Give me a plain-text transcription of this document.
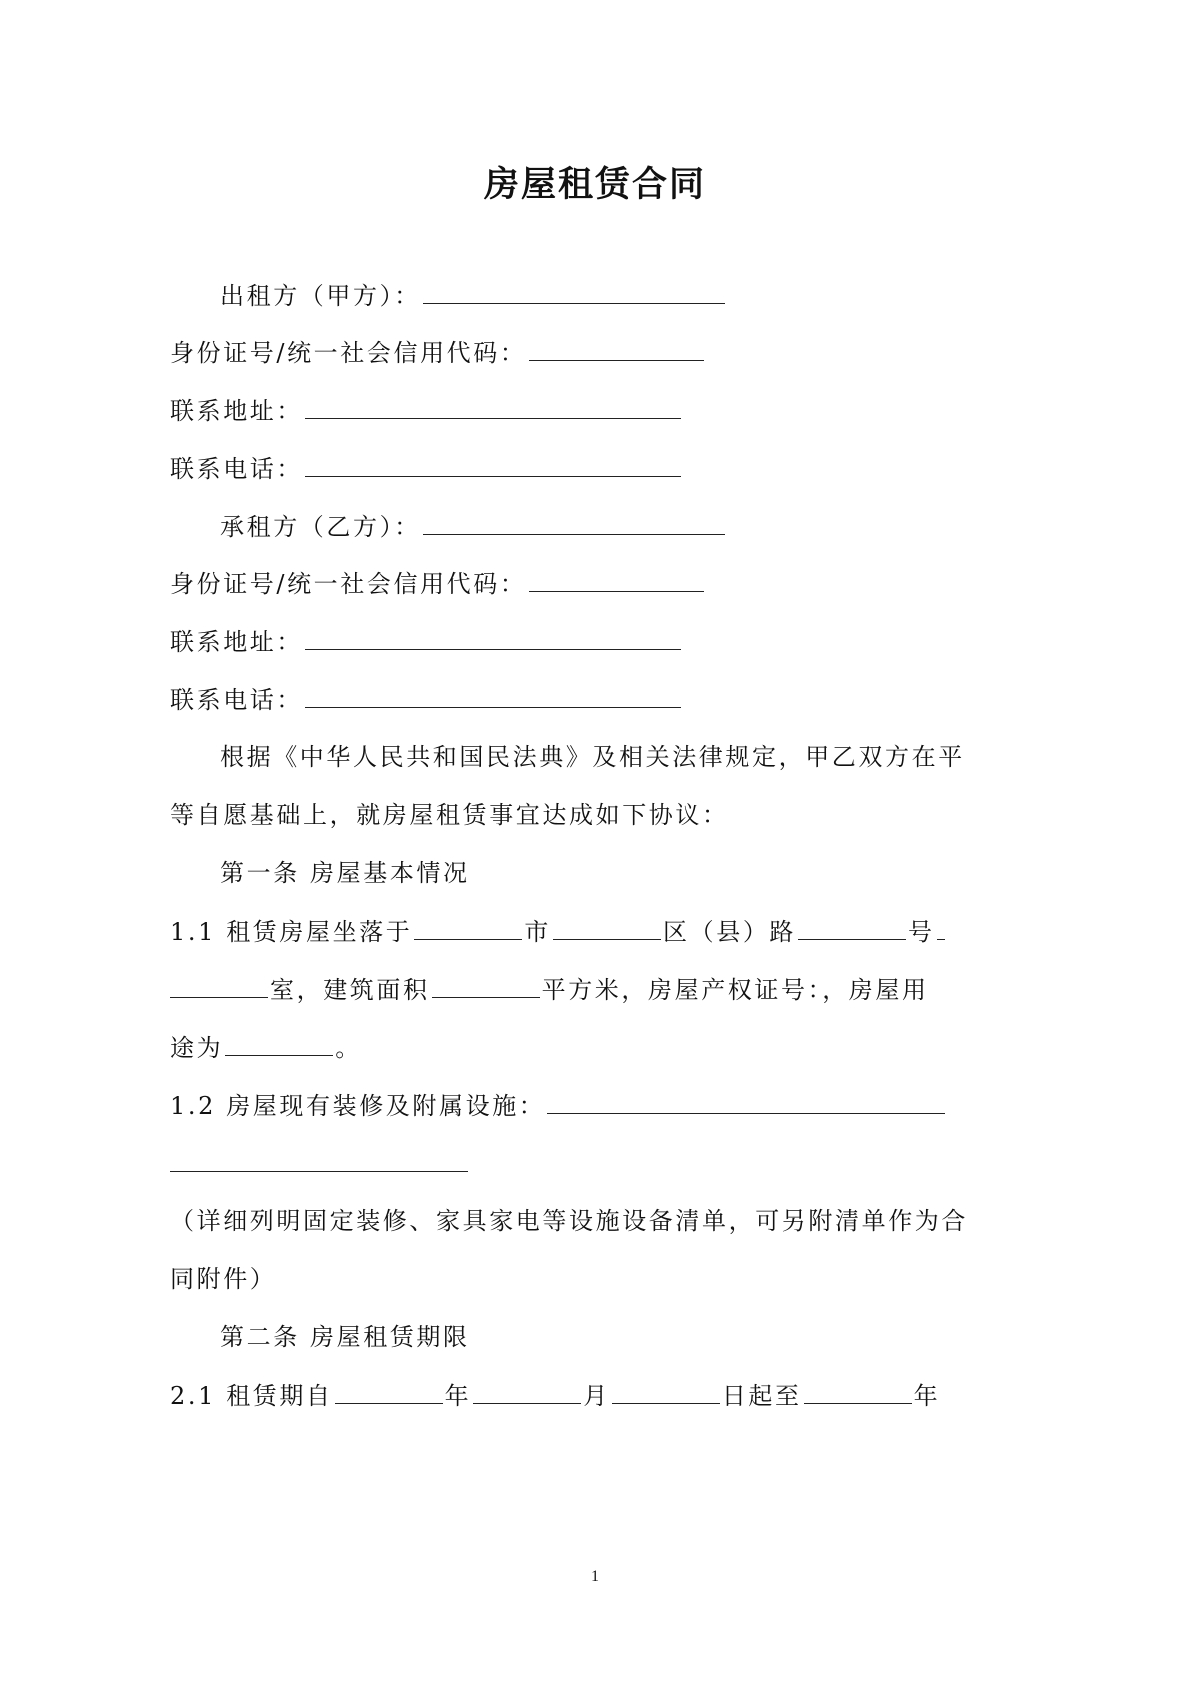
房屋租赁合同
出租方（甲方）：
身份证号/统一社会信用代码：
联系地址：
联系电话：
承租方（乙方）：
身份证号/统一社会信用代码：
联系地址：
联系电话：
根据《中华人民共和国民法典》及相关法律规定，甲乙双方在平
等自愿基础上，就房屋租赁事宜达成如下协议：
第一条 房屋基本情况
1.1 租赁房屋坐落于	市	区（县）路	号
室，建筑面积	平方米，房屋产权证号：，房屋用
途为	。
1.2 房屋现有装修及附属设施：
（详细列明固定装修、家具家电等设施设备清单，可另附清单作为合
同附件）
第二条 房屋租赁期限
2.1 租赁期自	年	月	日起至	年
1
